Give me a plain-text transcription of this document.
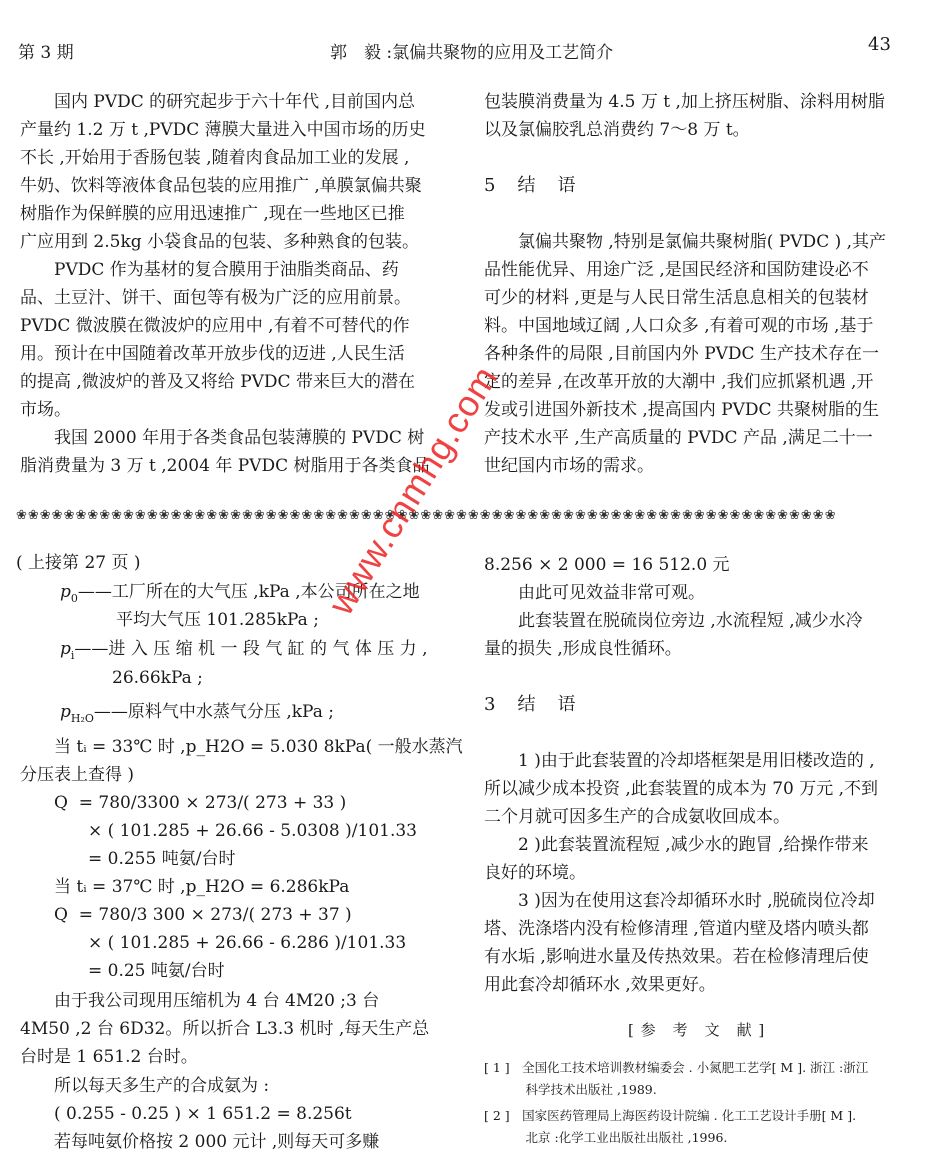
第 3 期	郭　毅 :氯偏共聚物的应用及工艺简介	43
　　国内 PVDC 的研究起步于六十年代 ,目前国内总
产量约 1.2 万 t ,PVDC 薄膜大量进入中国市场的历史
不长 ,开始用于香肠包装 ,随着肉食品加工业的发展 ,
牛奶、饮料等液体食品包装的应用推广 ,单膜氯偏共聚
树脂作为保鲜膜的应用迅速推广 ,现在一些地区已推
广应用到 2.5kg 小袋食品的包装、多种熟食的包装。
　　PVDC 作为基材的复合膜用于油脂类商品、药
品、土豆汁、饼干、面包等有极为广泛的应用前景。
PVDC 微波膜在微波炉的应用中 ,有着不可替代的作
用。预计在中国随着改革开放步伐的迈进 ,人民生活
的提高 ,微波炉的普及又将给 PVDC 带来巨大的潜在
市场。
　　我国 2000 年用于各类食品包装薄膜的 PVDC 树
脂消费量为 3 万 t ,2004 年 PVDC 树脂用于各类食品
包装膜消费量为 4.5 万 t ,加上挤压树脂、涂料用树脂
以及氯偏胶乳总消费约 7～8 万 t。
5　结　语
　　氯偏共聚物 ,特别是氯偏共聚树脂( PVDC ) ,其产
品性能优异、用途广泛 ,是国民经济和国防建设必不
可少的材料 ,更是与人民日常生活息息相关的包装材
料。中国地域辽阔 ,人口众多 ,有着可观的市场 ,基于
各种条件的局限 ,目前国内外 PVDC 生产技术存在一
定的差异 ,在改革开放的大潮中 ,我们应抓紧机遇 ,开
发或引进国外新技术 ,提高国内 PVDC 共聚树脂的生
产技术水平 ,生产高质量的 PVDC 产品 ,满足二十一
世纪国内市场的需求。
❀❀❀❀❀❀❀❀❀❀❀❀❀❀❀❀❀❀❀❀❀❀❀❀❀❀❀❀❀❀❀❀❀❀❀❀❀❀❀❀❀❀❀❀❀❀❀❀❀❀❀❀❀❀❀❀❀❀❀❀❀❀❀❀❀❀❀❀❀
( 上接第 27 页 )
$p_0——$工厂所在的大气压 ,kPa ,本公司所在之地
平均大气压 101.285kPa ;
$p_i——$进 入 压 缩 机 一 段 气 缸 的 气 体 压 力 ,
26.66kPa ;
$p_{H_2O}——$原料气中水蒸气分压 ,kPa ;
　　当 tᵢ = 33℃ 时 ,p_H2O = 5.030 8kPa( 一般水蒸汽
分压表上查得 )
　　Q  = 780/3300 × 273/( 273 + 33 )
　　　　× ( 101.285 + 26.66 - 5.0308 )/101.33
　　　　= 0.255 吨氨/台时
　　当 tᵢ = 37℃ 时 ,p_H2O = 6.286kPa
　　Q  = 780/3 300 × 273/( 273 + 37 )
　　　　× ( 101.285 + 26.66 - 6.286 )/101.33
　　　　= 0.25 吨氨/台时
　　由于我公司现用压缩机为 4 台 4M20 ;3 台
4M50 ,2 台 6D32。所以折合 L3.3 机时 ,每天生产总
台时是 1 651.2 台时。
　　所以每天多生产的合成氨为 :
　　( 0.255 - 0.25 ) × 1 651.2 = 8.256t
　　若每吨氨价格按 2 000 元计 ,则每天可多赚
8.256 × 2 000 = 16 512.0 元
　　由此可见效益非常可观。
　　此套装置在脱硫岗位旁边 ,水流程短 ,减少水冷
量的损失 ,形成良性循环。
3　结　语
　　1 )由于此套装置的冷却塔框架是用旧楼改造的 ,
所以减少成本投资 ,此套装置的成本为 70 万元 ,不到
二个月就可因多生产的合成氨收回成本。
　　2 )此套装置流程短 ,减少水的跑冒 ,给操作带来
良好的环境。
　　3 )因为在使用这套冷却循环水时 ,脱硫岗位冷却
塔、洗涤塔内没有检修清理 ,管道内壁及塔内喷头都
有水垢 ,影响进水量及传热效果。若在检修清理后使
用此套冷却循环水 ,效果更好。
[ 参　考　文　献 ]
[ 1 ]　全国化工技术培训教材编委会 . 小氮肥工艺学[ M ]. 浙江 :浙江
　　　 科学技术出版社 ,1989.
[ 2 ]　国家医药管理局上海医药设计院编 . 化工工艺设计手册[ M ].
　　　 北京 :化学工业出版社出版社 ,1996.
www.cnmhg.com
